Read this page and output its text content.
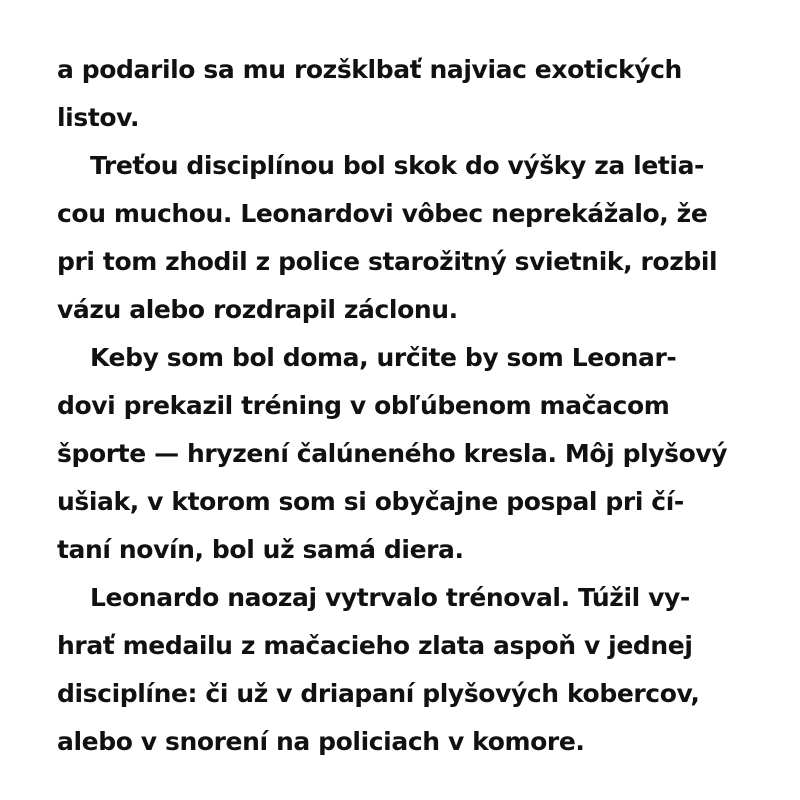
a podarilo sa mu rozšklbať najviac exotických
listov.
Treťou disciplínou bol skok do výšky za letia-
cou muchou. Leonardovi vôbec neprekážalo, že
pri tom zhodil z police starožitný svietnik, rozbil
vázu alebo rozdrapil záclonu.
Keby som bol doma, určite by som Leonar-
dovi prekazil tréning v obľúbenom mačacom
športe — hryzení čalúneného kresla. Môj plyšový
ušiak, v ktorom som si obyčajne pospal pri čí-
taní novín, bol už samá diera.
Leonardo naozaj vytrvalo trénoval. Túžil vy-
hrať medailu z mačacieho zlata aspoň v jednej
disciplíne: či už v driapaní plyšových kobercov,
alebo v snorení na policiach v komore.
